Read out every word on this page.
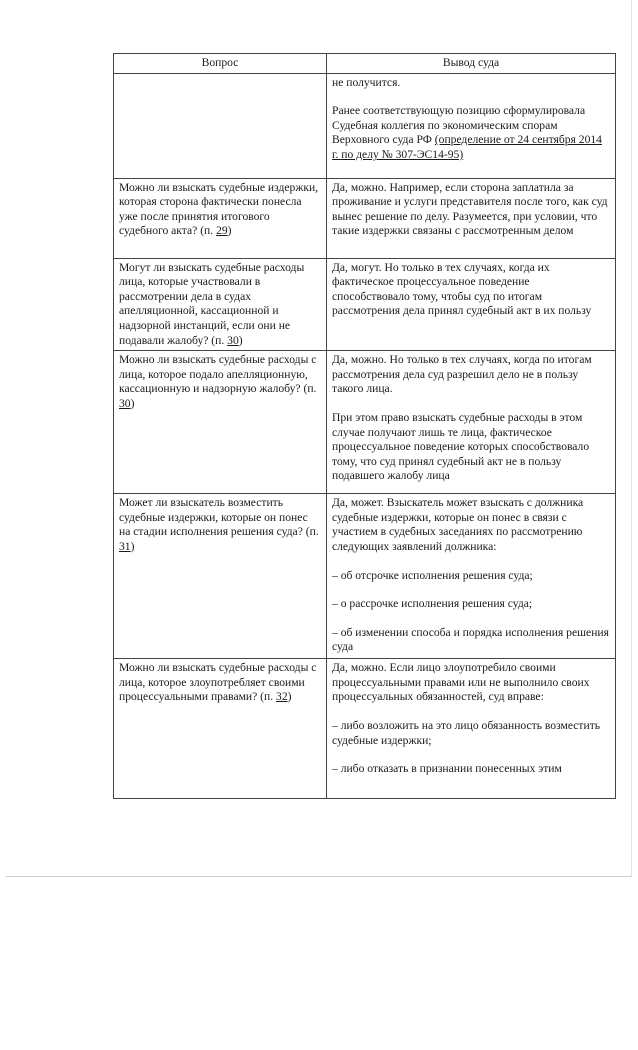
Вопрос	Вывод суда

	не получится.

Ранее соответствующую позицию сформулировала Судебная коллегия по экономическим спорам Верховного суда РФ (определение от 24 сентября 2014 г. по делу № 307-ЭС14-95)

Можно ли взыскать судебные издержки, которая сторона фактически понесла уже после принятия итогового судебного акта? (п. 29)	Да, можно. Например, если сторона заплатила за проживание и услуги представителя после того, как суд вынес решение по делу. Разумеется, при условии, что такие издержки связаны с рассмотренным делом

Могут ли взыскать судебные расходы лица, которые участвовали в рассмотрении дела в судах апелляционной, кассационной и надзорной инстанций, если они не подавали жалобу? (п. 30)	Да, могут. Но только в тех случаях, когда их фактическое процессуальное поведение способствовало тому, чтобы суд по итогам рассмотрения дела принял судебный акт в их пользу

Можно ли взыскать судебные расходы с лица, которое подало апелляционную, кассационную и надзорную жалобу? (п. 30)	Да, можно. Но только в тех случаях, когда по итогам рассмотрения дела суд разрешил дело не в пользу такого лица.

При этом право взыскать судебные расходы в этом случае получают лишь те лица, фактическое процессуальное поведение которых способствовало тому, что суд принял судебный акт не в пользу подавшего жалобу лица

Может ли взыскатель возместить судебные издержки, которые он понес на стадии исполнения решения суда? (п. 31)	Да, может. Взыскатель может взыскать с должника судебные издержки, которые он понес в связи с участием в судебных заседаниях по рассмотрению следующих заявлений должника:

– об отсрочке исполнения решения суда;

– о рассрочке исполнения решения суда;

– об изменении способа и порядка исполнения решения суда

Можно ли взыскать судебные расходы с лица, которое злоупотребляет своими процессуальными правами? (п. 32)	Да, можно. Если лицо злоупотребило своими процессуальными правами или не выполнило своих процессуальных обязанностей, суд вправе:

– либо возложить на это лицо обязанность возместить судебные издержки;

– либо отказать в признании понесенных этим
